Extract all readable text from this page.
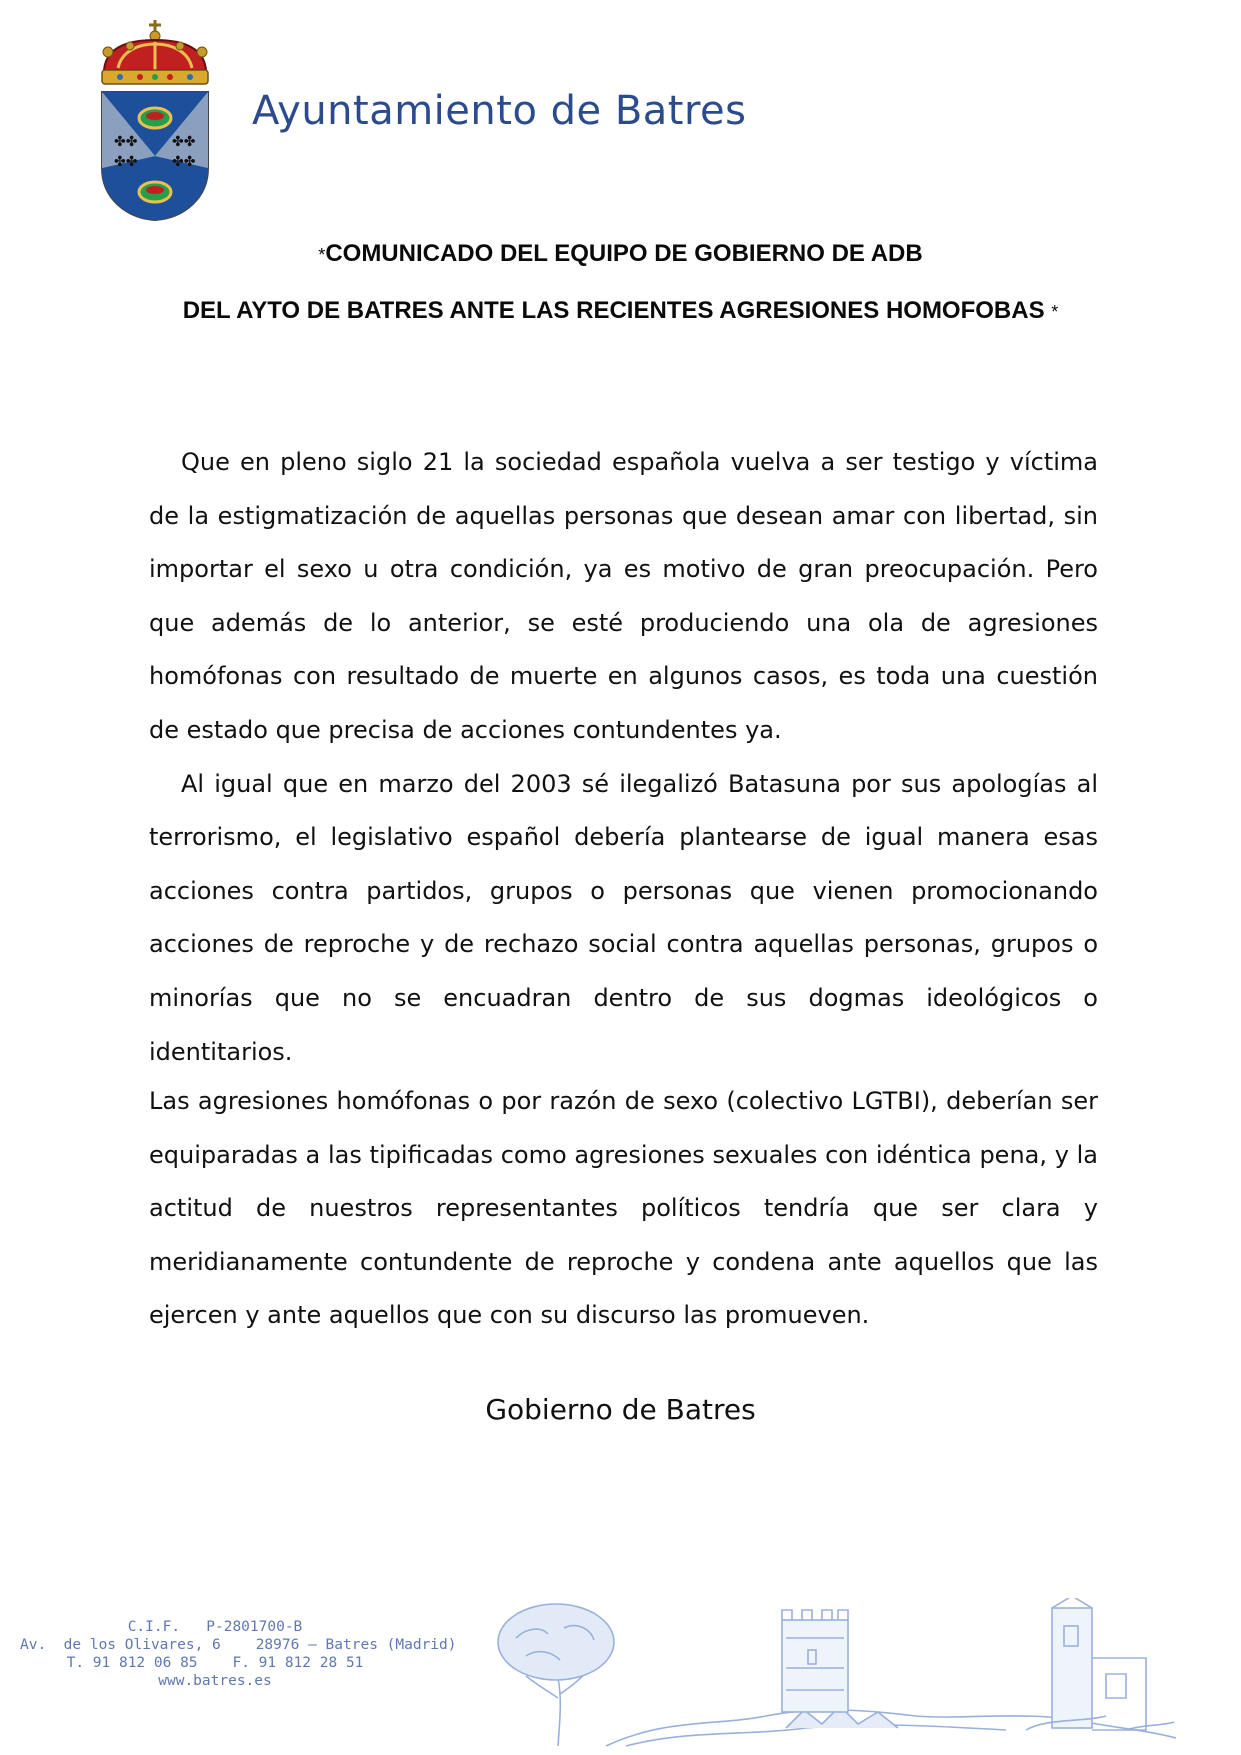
✤✤
✤✤
✤✤
✤✤
Ayuntamiento de Batres
*COMUNICADO DEL EQUIPO DE GOBIERNO DE ADB
DEL AYTO DE BATRES ANTE LAS RECIENTES AGRESIONES HOMOFOBAS *

Que en pleno siglo 21 la sociedad española vuelva a ser testigo y víctima de la estigmatización de aquellas personas que desean amar con libertad, sin importar el sexo u otra condición, ya es motivo de gran preocupación. Pero que además de lo anterior, se esté produciendo una ola de agresiones homófonas con resultado de muerte en algunos casos, es toda una cuestión de estado que precisa de acciones contundentes ya.

Al igual que en marzo del 2003 sé ilegalizó Batasuna por sus apologías al terrorismo, el legislativo español debería plantearse de igual manera esas acciones contra partidos, grupos o personas que vienen promocionando acciones de reproche y de rechazo social contra aquellas personas, grupos o minorías que no se encuadran dentro de sus dogmas ideológicos o identitarios.

Las agresiones homófonas o por razón de sexo (colectivo LGTBI), deberían ser equiparadas a las tipificadas como agresiones sexuales con idéntica pena, y la actitud de nuestros representantes políticos tendría que ser clara y meridianamente contundente de reproche y condena ante aquellos que las ejercen y ante aquellos que con su discurso las promueven.

Gobierno de Batres
C.I.F.   P-2801700-B
Av.  de los Olivares, 6    28976 – Batres (Madrid)
T. 91 812 06 85    F. 91 812 28 51
www.batres.es
